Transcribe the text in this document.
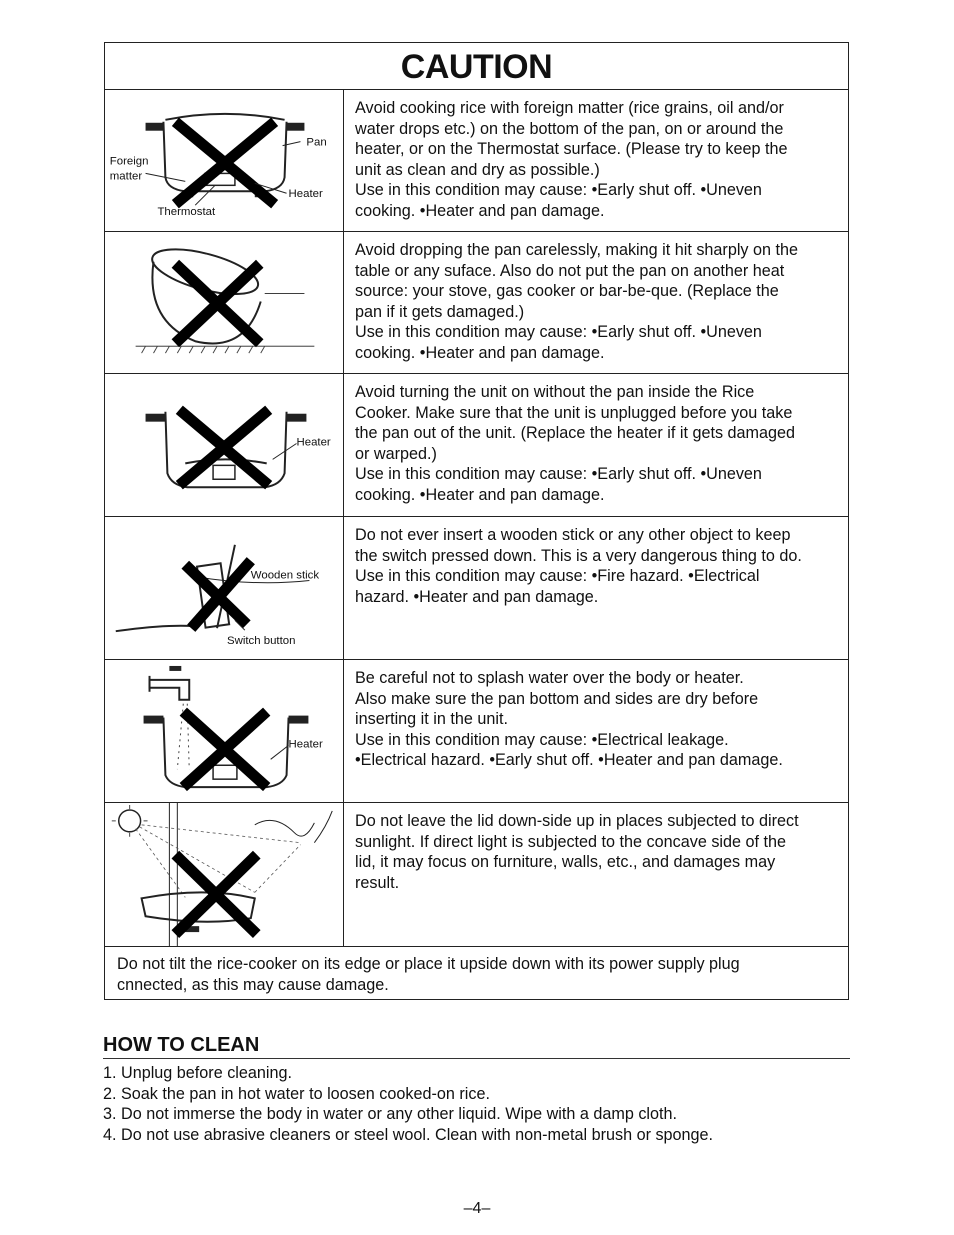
CAUTION
Pan
Foreign
matter
Heater
Thermostat

Avoid cooking rice with foreign matter (rice grains, oil and/or

water drops etc.) on the bottom of the pan, on or around the

heater, or on the Thermostat surface. (Please try to keep the

unit as clean and dry as possible.)

Use in this condition may cause: •Early shut off. •Uneven

cooking. •Heater and pan damage.

Avoid dropping the pan carelessly, making it hit sharply on the

table or any suface. Also do not put the pan on another heat

source: your stove, gas cooker or bar-be-que. (Replace the

pan if it gets damaged.)

Use in this condition may cause: •Early shut off. •Uneven

cooking. •Heater and pan damage.

Heater

Avoid turning the unit on without the pan inside the Rice

Cooker. Make sure that the unit is unplugged before you take

the pan out of the unit. (Replace the heater if it gets damaged

or warped.)

Use in this condition may cause: •Early shut off. •Uneven

cooking. •Heater and pan damage.

Wooden stick
Switch button

Do not ever insert a wooden stick or any other object to keep

the switch pressed down. This is a very dangerous thing to do.

Use in this condition may cause: •Fire hazard. •Electrical

hazard. •Heater and pan damage.

Heater

Be careful not to splash water over the body or heater.

Also make sure the pan bottom and sides are dry before

inserting it in the unit.

Use in this condition may cause: •Electrical leakage.

•Electrical hazard. •Early shut off. •Heater and pan damage.

Do not leave the lid down-side up in places subjected to direct

sunlight. If direct light is subjected to the concave side of the

lid, it may focus on furniture, walls, etc., and damages may

result.

Do not tilt the rice-cooker on its edge or place it upside down with its power supply plug
cnnected, as this may cause damage.
HOW TO CLEAN
1. Unplug before cleaning.
2. Soak the pan in hot water to loosen cooked-on rice.
3. Do not immerse the body in water or any other liquid. Wipe with a damp cloth.
4. Do not use abrasive cleaners or steel wool. Clean with non-metal brush or sponge.
–4–
